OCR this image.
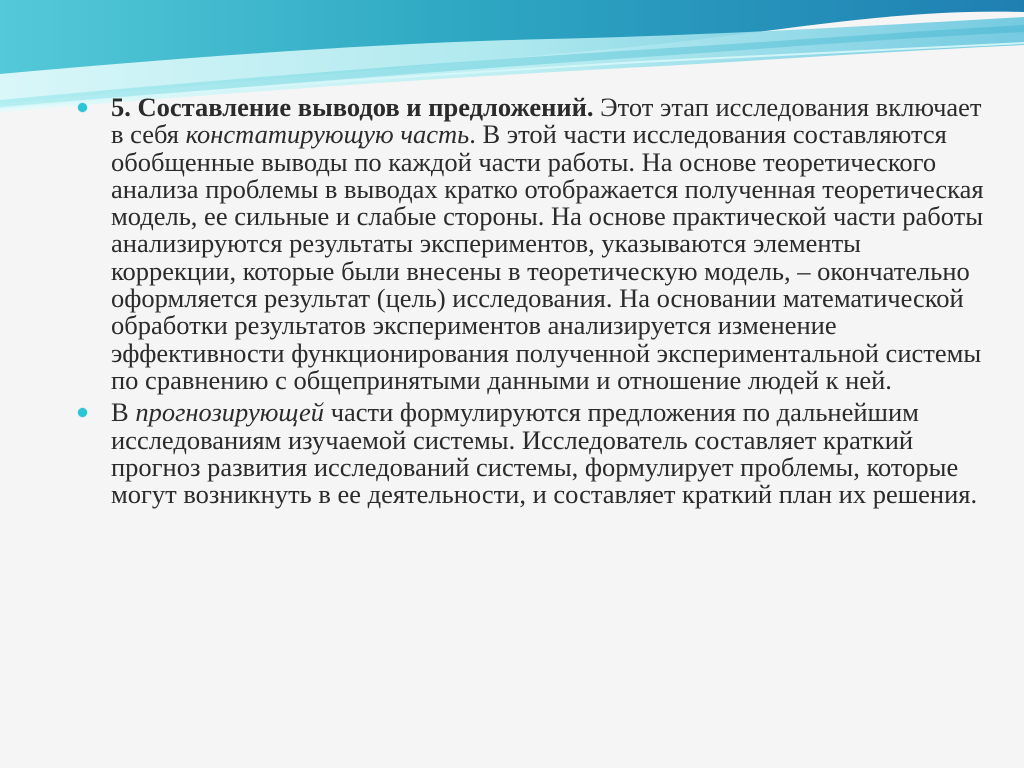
5. Составление выводов и предложений. Этот этап исследования включает в себя констатирующую часть. В этой части исследования составляются обобщенные выводы по каждой части работы. На основе теоретического анализа проблемы в выводах кратко отображается полученная теоретическая модель, ее сильные и слабые стороны. На основе практической части работы анализируются результаты экспериментов, указываются элементы коррекции, которые были внесены в теоретическую модель, – окончательно оформляется результат (цель) исследования. На основании математической обработки результатов экспериментов анализируется изменение эффективности функционирования полученной экспериментальной системы по сравнению с общепринятыми данными и отношение людей к ней.

В прогнозирующей части формулируются предложения по дальнейшим исследованиям изучаемой системы. Исследователь составляет краткий прогноз развития исследований системы, формулирует проблемы, которые могут возникнуть в ее деятельности, и составляет краткий план их решения.
